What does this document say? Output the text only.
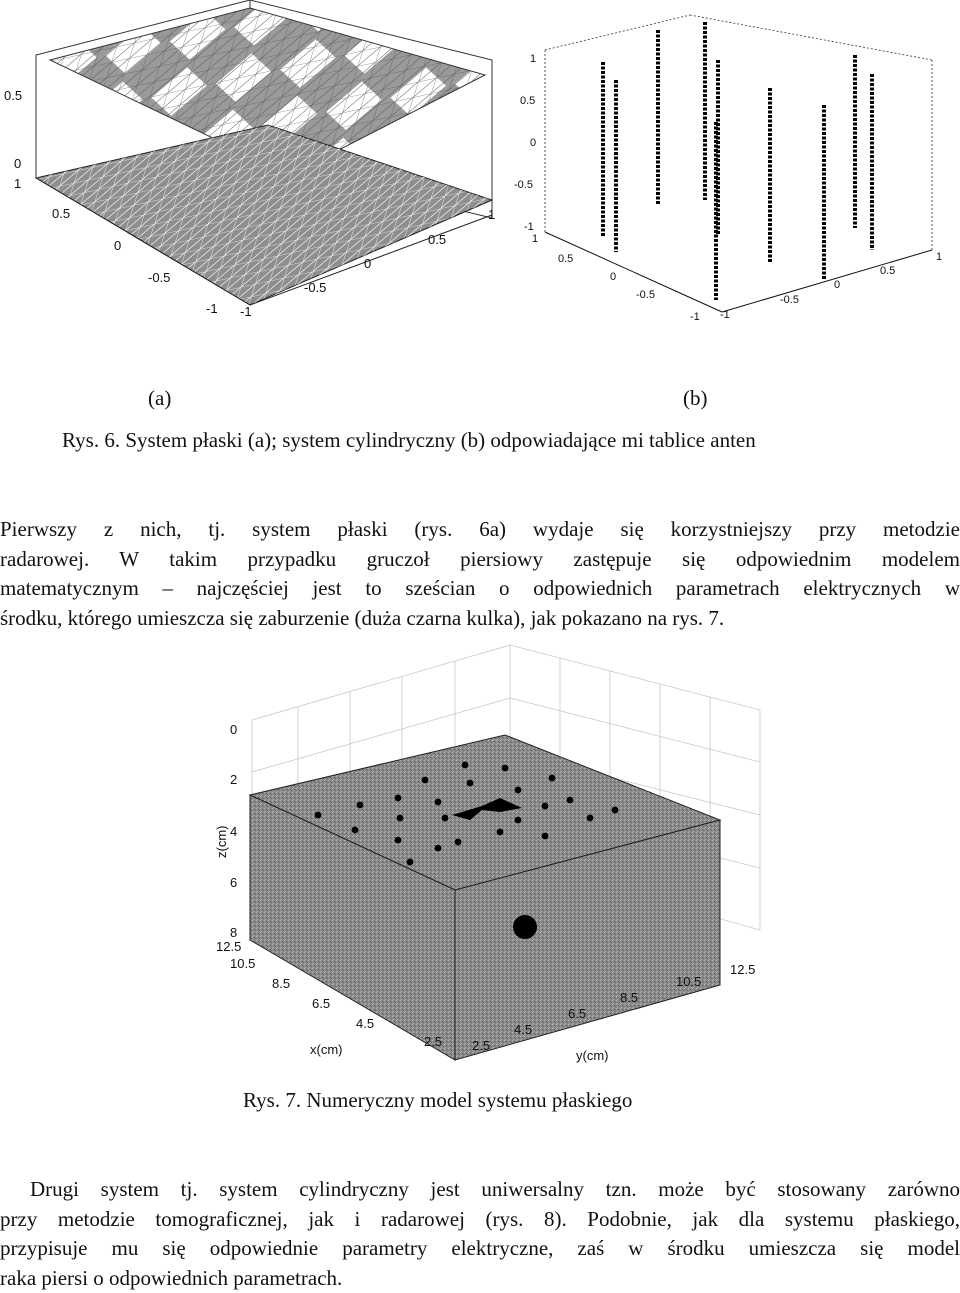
0.5
0
1
0.5
0
-0.5
-1 -1
-0.5
0
0.5
1
1
0.5
0
-0.5
-1
1
0.5
0
-0.5
-1 -1
-0.5
0
0.5
1
(a)	(b)
Rys. 6. System płaski (a); system cylindryczny (b) odpowiadające mi tablice anten

Pierwszy z nich, tj. system płaski (rys. 6a) wydaje się korzystniejszy przy metodzie

radarowej. W takim przypadku gruczoł piersiowy zastępuje się odpowiednim modelem

matematycznym – najczęściej jest to sześcian o odpowiednich parametrach elektrycznych w

środku, którego umieszcza się zaburzenie (duża czarna kulka), jak pokazano na rys. 7.

0
2
4
6
8
z(cm)
12.5
10.5
8.5
6.5
4.5
2.5
x(cm)	2.5
4.5
6.5
8.5
10.5
12.5
y(cm)
Rys. 7. Numeryczny model systemu płaskiego

Drugi system tj. system cylindryczny jest uniwersalny tzn. może być stosowany zarówno

przy metodzie tomograficznej, jak i radarowej (rys. 8). Podobnie, jak dla systemu płaskiego,

przypisuje mu się odpowiednie parametry elektryczne, zaś w środku umieszcza się model

raka piersi o odpowiednich parametrach.
